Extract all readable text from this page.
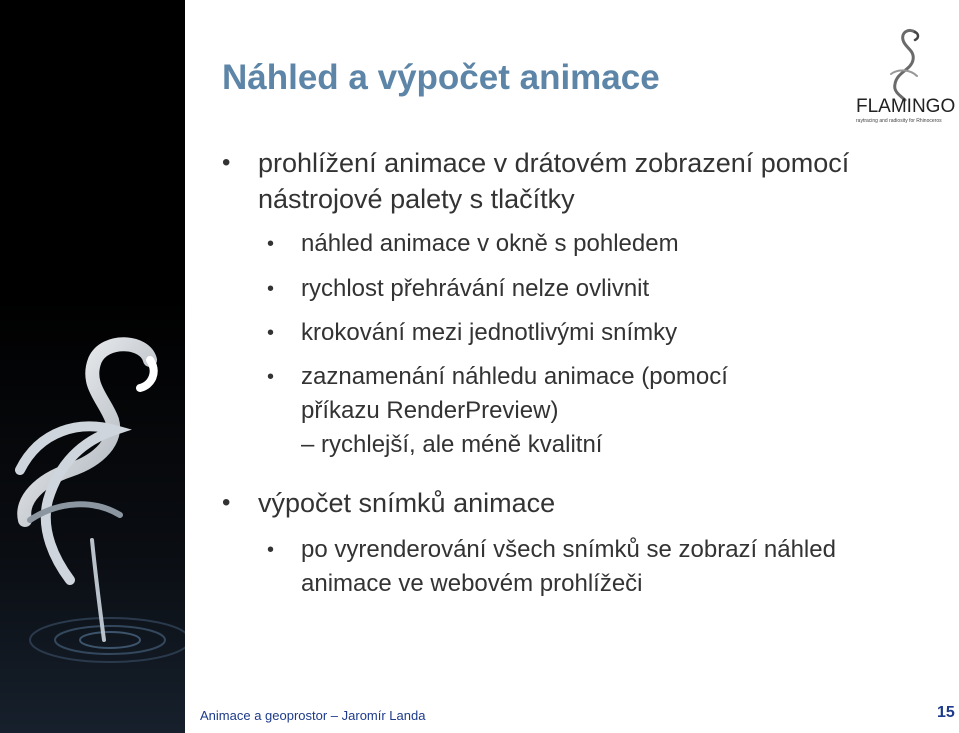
Náhled a výpočet animace
• prohlížení animace v drátovém zobrazení pomocí nástrojové palety s tlačítky
• náhled animace v okně s pohledem
• rychlost přehrávání nelze ovlivnit
• krokování mezi jednotlivými snímky
• zaznamenání náhledu animace (pomocí příkazu RenderPreview)
– rychlejší, ale méně kvalitní
• výpočet snímků animace
• po vyrenderování všech snímků se zobrazí náhled animace ve webovém prohlížeči
FLAMINGO
raytracing and radiosity for Rhinoceros
Animace a geoprostor – Jaromír Landa	15
